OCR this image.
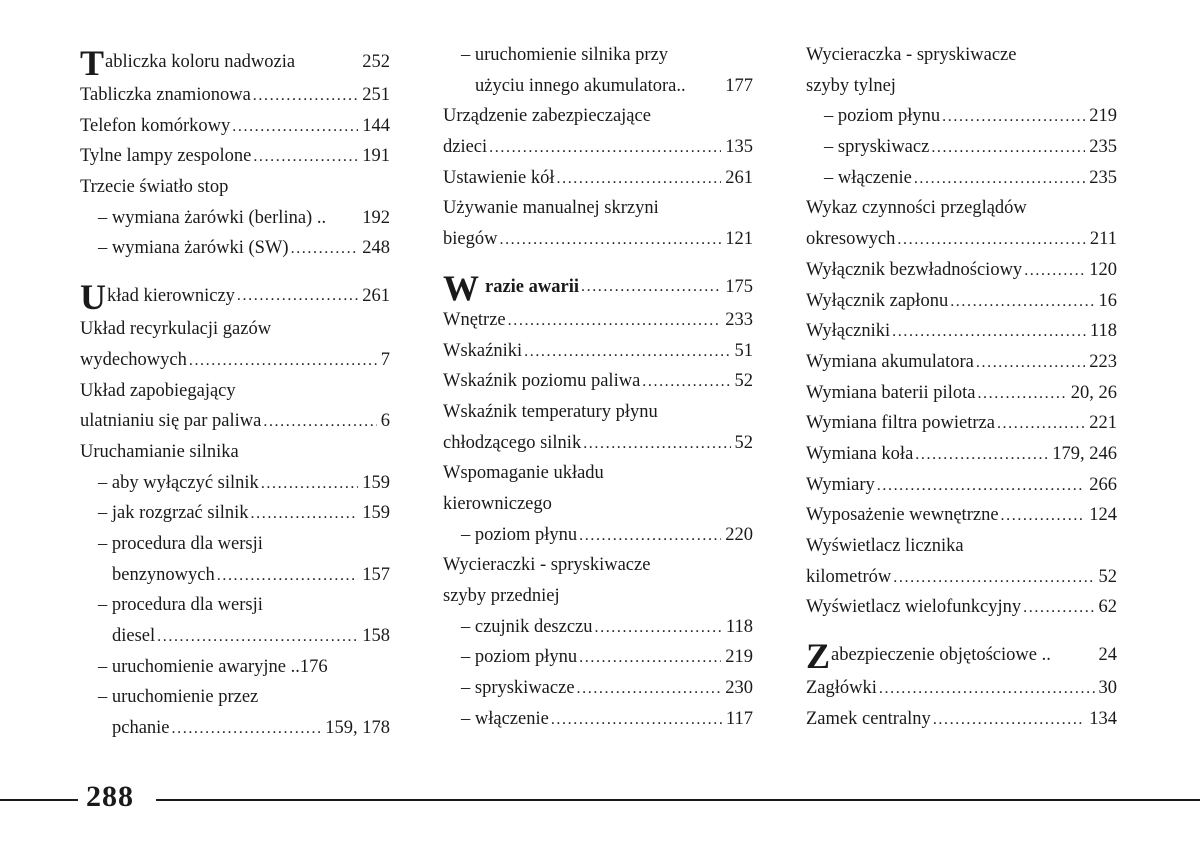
T abliczka koloru nadwozia	252
Tabliczka znamionowa . . .	251
Telefon komórkowy . . .	144
Tylne lampy zespolone . . .	191
Trzecie światło stop
– wymiana żarówki (berlina) .. 192
– wymiana żarówki (SW) . . .	248
U kład kierowniczy . . .	261
Układ recyrkulacji gazów
wydechowych . . .	7
Układ zapobiegający
ulatnianiu się par paliwa . . .	6
Uruchamianie silnika
– aby wyłączyć silnik . . .	159
– jak rozgrzać silnik . . .	159
– procedura dla wersji
benzynowych . . .	157
– procedura dla wersji
diesel . . .	158
– uruchomienie awaryjne ..176
– uruchomienie przez
pchanie . . .	159, 178
– uruchomienie silnika przy
użyciu innego akumulatora.. 177
Urządzenie zabezpieczające
dzieci . . .	135
Ustawienie kół . . .	261
Używanie manualnej skrzyni
biegów . . .	121
W razie awarii . . .	175
Wnętrze . . .	233
Wskaźniki . . .	51
Wskaźnik poziomu paliwa . . .	52
Wskaźnik temperatury płynu
chłodzącego silnik . . .	52
Wspomaganie układu
kierowniczego
– poziom płynu . . .	220
Wycieraczki - spryskiwacze
szyby przedniej
– czujnik deszczu . . .	118
– poziom płynu . . .	219
– spryskiwacze . . .	230
– włączenie . . .	117
Wycieraczka - spryskiwacze
szyby tylnej
– poziom płynu . . .	219
– spryskiwacz . . .	235
– włączenie . . .	235
Wykaz czynności przeglądów
okresowych . . .	211
Wyłącznik bezwładnościowy . . .	120
Wyłącznik zapłonu . . .	16
Wyłączniki . . .	118
Wymiana akumulatora . . .	223
Wymiana baterii pilota . . .	20, 26
Wymiana filtra powietrza . . .	221
Wymiana koła . . .	179, 246
Wymiary . . .	266
Wyposażenie wewnętrzne . . .	124
Wyświetlacz licznika
kilometrów . . .	52
Wyświetlacz wielofunkcyjny . . .	62
Z abezpieczenie objętościowe ..	24
Zagłówki . . .	30
Zamek centralny . . .	134
288
